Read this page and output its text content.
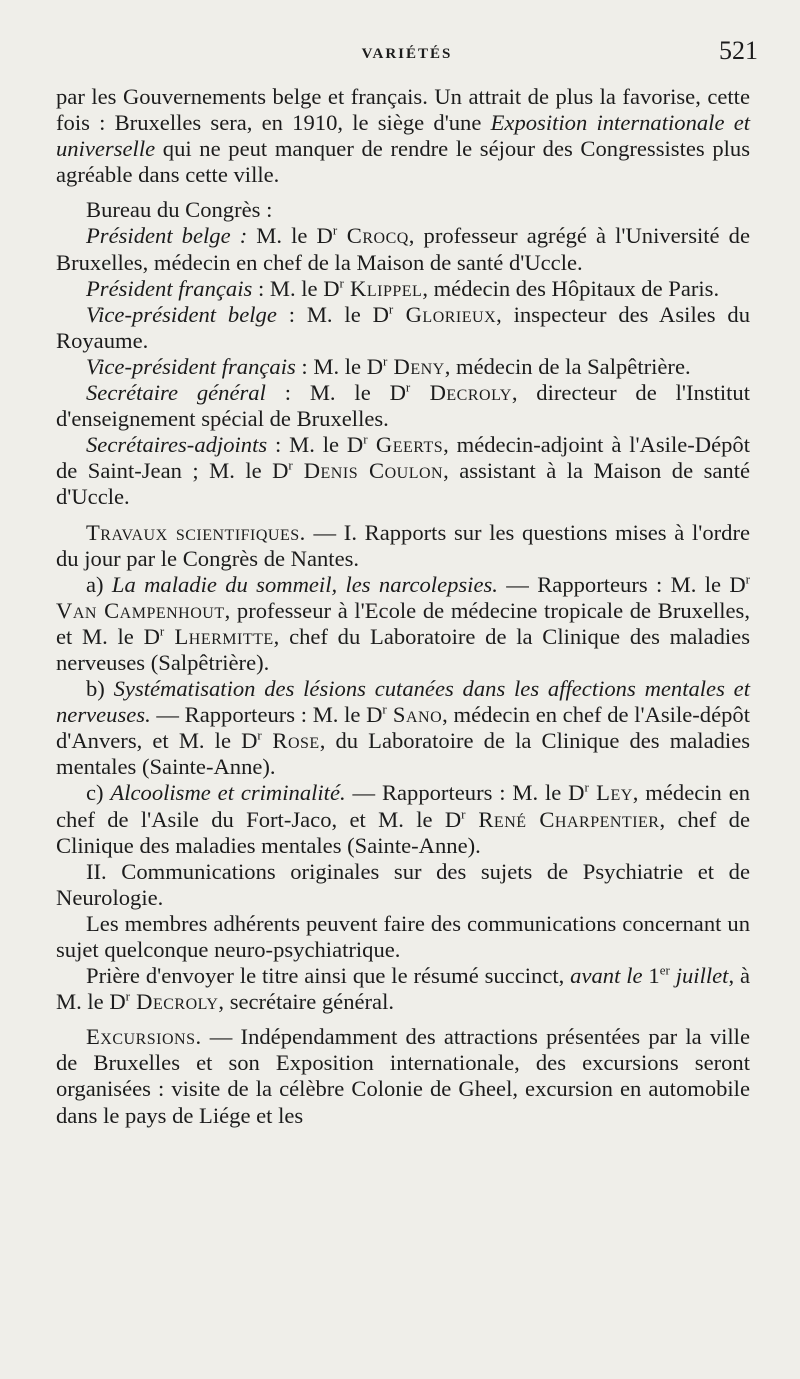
VARIÉTÉS	521

par les Gouvernements belge et français. Un attrait de plus la favorise, cette fois : Bruxelles sera, en 1910, le siège d'une Exposition internationale et universelle qui ne peut manquer de rendre le séjour des Congressistes plus agréable dans cette ville.

Bureau du Congrès :

Président belge : M. le $D^r$ Crocq, professeur agrégé à l'Université de Bruxelles, médecin en chef de la Maison de santé d'Uccle.

Président français : M. le $D^r$ Klippel, médecin des Hôpitaux de Paris.

Vice-président belge : M. le $D^r$ Glorieux, inspecteur des Asiles du Royaume.

Vice-président français : M. le $D^r$ Deny, médecin de la Salpêtrière.

Secrétaire général : M. le $D^r$ Decroly, directeur de l'Institut d'enseignement spécial de Bruxelles.

Secrétaires-adjoints : M. le $D^r$ Geerts, médecin-adjoint à l'Asile-Dépôt de Saint-Jean ; M. le $D^r$ Denis Coulon, assistant à la Maison de santé d'Uccle.

Travaux scientifiques. — I. Rapports sur les questions mises à l'ordre du jour par le Congrès de Nantes.

a) La maladie du sommeil, les narcolepsies. — Rapporteurs : M. le $D^r$ Van Campenhout, professeur à l'Ecole de médecine tropicale de Bruxelles, et M. le $D^r$ Lhermitte, chef du Laboratoire de la Clinique des maladies nerveuses (Salpêtrière).

b) Systématisation des lésions cutanées dans les affections mentales et nerveuses. — Rapporteurs : M. le $D^r$ Sano, médecin en chef de l'Asile-dépôt d'Anvers, et M. le $D^r$ Rose, du Laboratoire de la Clinique des maladies mentales (Sainte-Anne).

c) Alcoolisme et criminalité. — Rapporteurs : M. le $D^r$ Ley, médecin en chef de l'Asile du Fort-Jaco, et M. le $D^r$ René Charpentier, chef de Clinique des maladies mentales (Sainte-Anne).

II. Communications originales sur des sujets de Psychiatrie et de Neurologie.

Les membres adhérents peuvent faire des communications concernant un sujet quelconque neuro-psychiatrique.

Prière d'envoyer le titre ainsi que le résumé succinct, avant le 1er juillet, à M. le $D^r$ Decroly, secrétaire général.

Excursions. — Indépendamment des attractions présentées par la ville de Bruxelles et son Exposition internationale, des excursions seront organisées : visite de la célèbre Colonie de Gheel, excursion en automobile dans le pays de Liége et les
